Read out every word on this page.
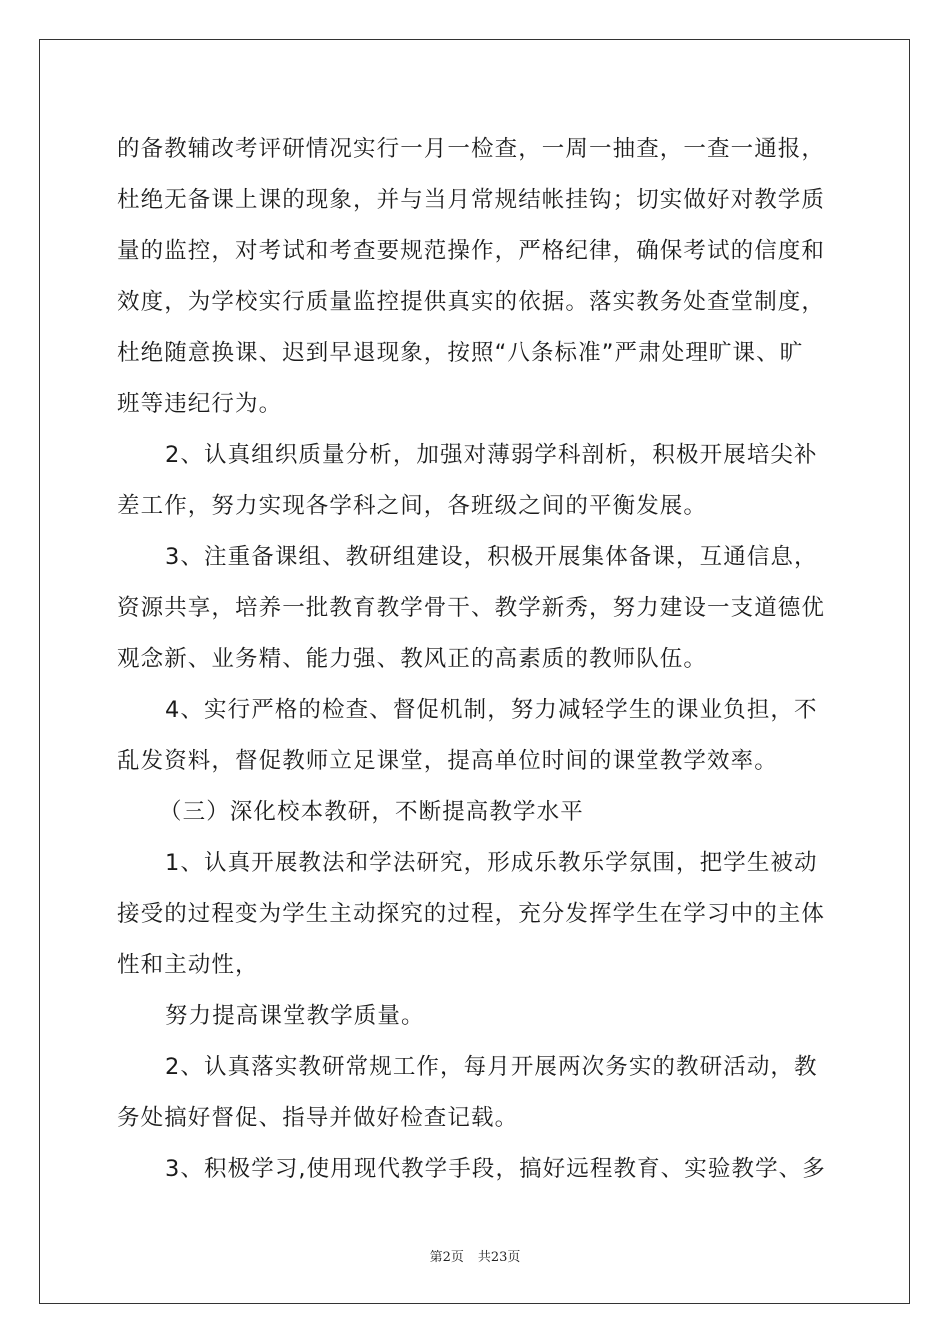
的备教辅改考评研情况实行一月一检查，一周一抽查，一查一通报，
杜绝无备课上课的现象，并与当月常规结帐挂钩；切实做好对教学质
量的监控，对考试和考查要规范操作，严格纪律，确保考试的信度和
效度，为学校实行质量监控提供真实的依据。落实教务处查堂制度，
杜绝随意换课、迟到早退现象，按照“八条标准”严肃处理旷课、旷
班等违纪行为。
2、认真组织质量分析，加强对薄弱学科剖析，积极开展培尖补
差工作，努力实现各学科之间，各班级之间的平衡发展。
3、注重备课组、教研组建设，积极开展集体备课，互通信息，
资源共享，培养一批教育教学骨干、教学新秀，努力建设一支道德优
观念新、业务精、能力强、教风正的高素质的教师队伍。
4、实行严格的检查、督促机制，努力减轻学生的课业负担，不
乱发资料，督促教师立足课堂，提高单位时间的课堂教学效率。
（三）深化校本教研，不断提高教学水平
1、认真开展教法和学法研究，形成乐教乐学氛围，把学生被动
接受的过程变为学生主动探究的过程，充分发挥学生在学习中的主体
性和主动性，
努力提高课堂教学质量。
2、认真落实教研常规工作，每月开展两次务实的教研活动，教
务处搞好督促、指导并做好检查记载。
3、积极学习,使用现代教学手段，搞好远程教育、实验教学、多
第2页 共23页
